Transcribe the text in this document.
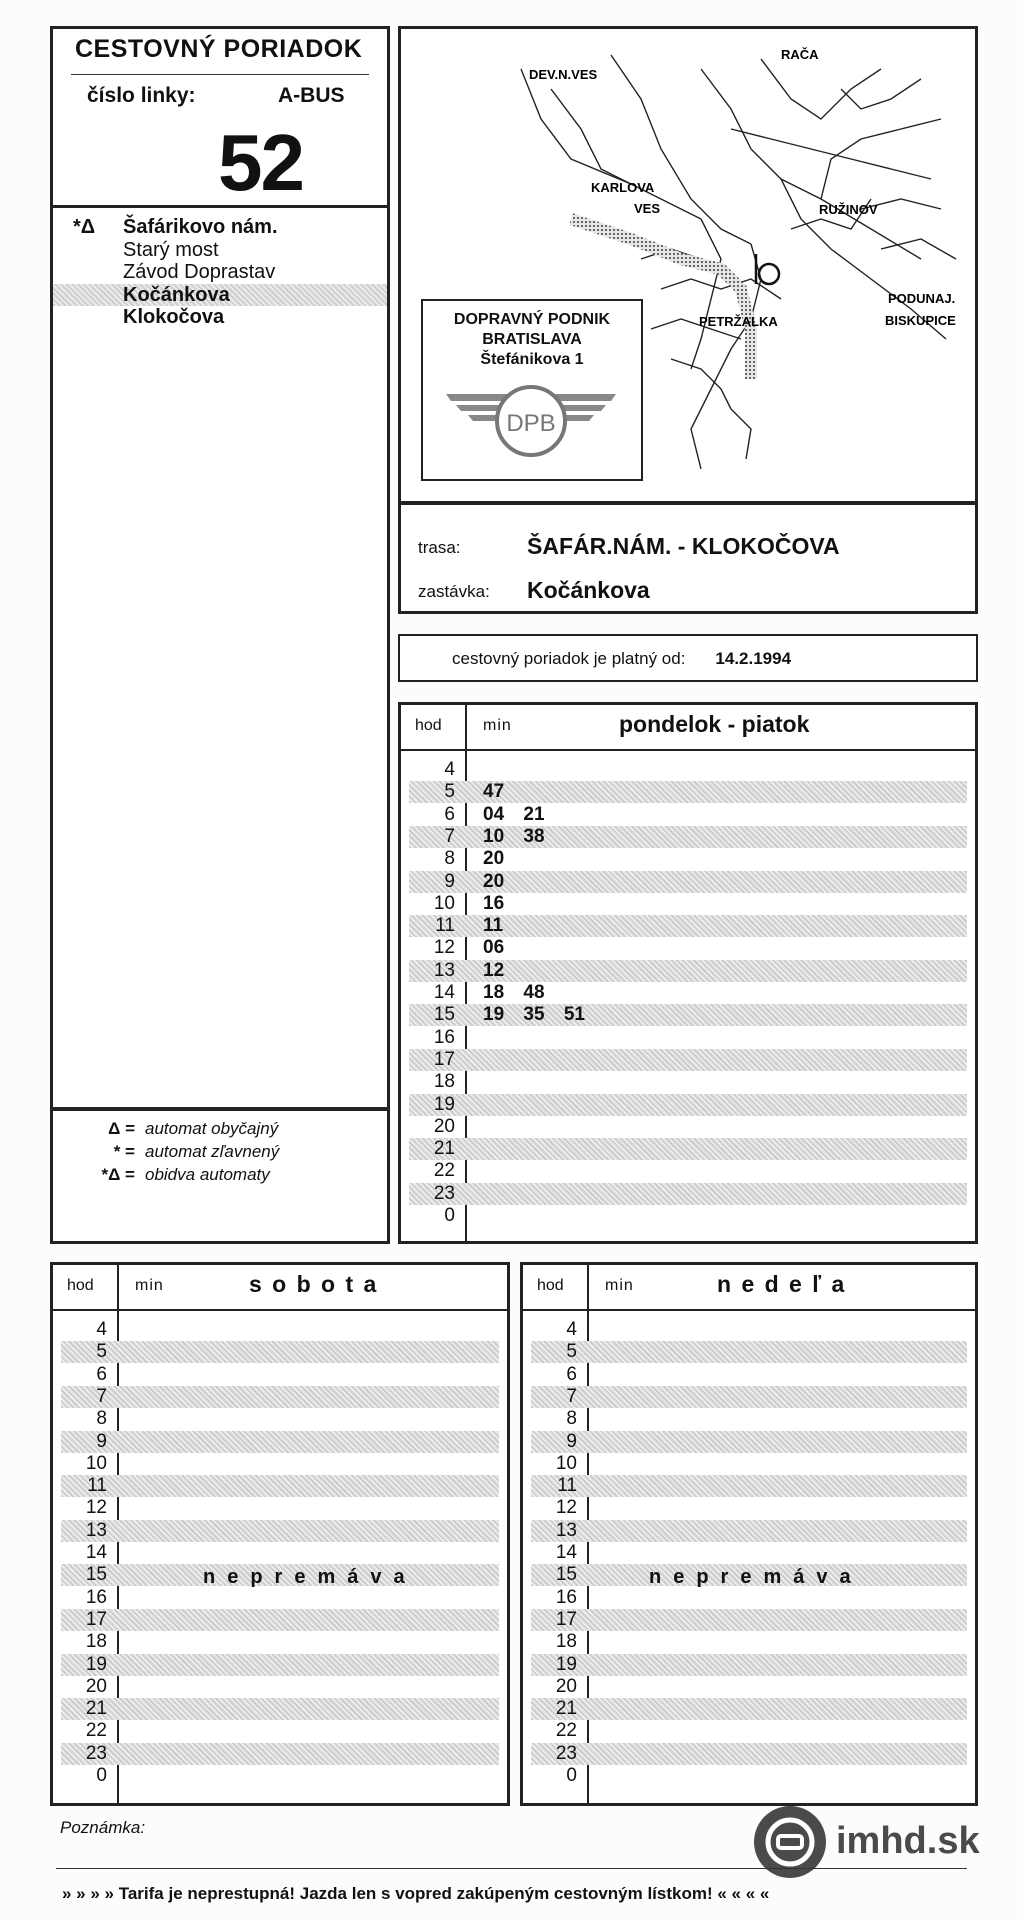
CESTOVNÝ PORIADOK
číslo linky:	A-BUS
52
*Δ	Šafárikovo nám.
Starý most
Závod Doprastav
Kočánkova
Klokočova
Δ = automat obyčajný
* = automat zľavnený
*Δ = obidva automaty
RAČA
DEV.N.VES
KARLOVA
VES	RUŽINOV
PODUNAJ.
BISKUPICE
PETRŽALKA
DOPRAVNÝ PODNIK
BRATISLAVA
Štefánikova 1
DPB
trasa:	ŠAFÁR.NÁM. - KLOKOČOVA
zastávka: Kočánkova
cestovný poriadok je platný od: 14.2.1994
hod	min	pondelok - piatok
4
5 47
6 04 21
7 10 38
8 20
9 20
10 16
11 11
12 06
13 12
14 18 48
15 19 35 51
16
17
18
19
20
21
22
23
0
hod	min	s o b o t a
4
5
6
7
8
9
10
11
12
13
14
15
16
17
18
19
20
21
22
23
0
nepremáva
hod	min	n e d e ľ a
4
5
6
7
8
9
10
11
12
13
14
15
16
17
18
19
20
21
22
23
0
nepremáva
Poznámka:	imhd.sk
» » » » Tarifa je neprestupná! Jazda len s vopred zakúpeným cestovným lístkom! « « « «
